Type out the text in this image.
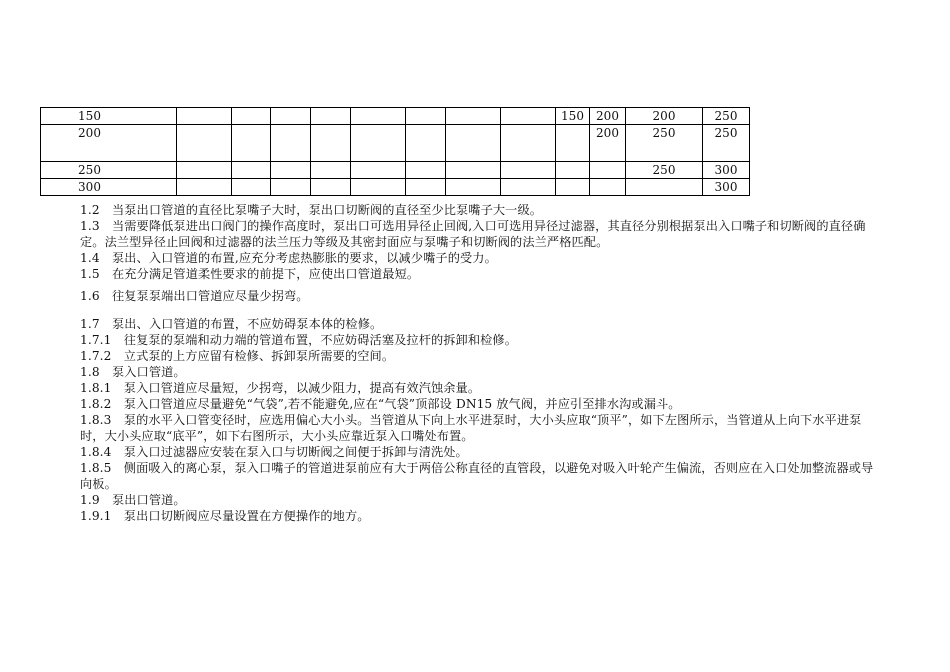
150									150	200	200	250
200										200	250	250
250											250	300
300												300

1.2　当泵出口管道的直径比泵嘴子大时，泵出口切断阀的直径至少比泵嘴子大一级。

1.3　当需要降低泵进出口阀门的操作高度时，泵出口可选用异径止回阀,入口可选用异径过滤器，其直径分别根据泵出入口嘴子和切断阀的直径确定。法兰型异径止回阀和过滤器的法兰压力等级及其密封面应与泵嘴子和切断阀的法兰严格匹配。

1.4　泵出、入口管道的布置,应充分考虑热膨胀的要求，以减少嘴子的受力。

1.5　在充分满足管道柔性要求的前提下，应使出口管道最短。

1.6　往复泵泵端出口管道应尽量少拐弯。

1.7　泵出、入口管道的布置，不应妨碍泵本体的检修。

1.7.1　往复泵的泵端和动力端的管道布置，不应妨碍活塞及拉杆的拆卸和检修。

1.7.2　立式泵的上方应留有检修、拆卸泵所需要的空间。

1.8　泵入口管道。

1.8.1　泵入口管道应尽量短，少拐弯，以减少阻力，提高有效汽蚀余量。

1.8.2　泵入口管道应尽量避免“气袋”,若不能避免,应在“气袋”顶部设 DN15 放气阀，并应引至排水沟或漏斗。

1.8.3　泵的水平入口管变径时，应选用偏心大小头。当管道从下向上水平进泵时，大小头应取“顶平”，如下左图所示，当管道从上向下水平进泵时，大小头应取“底平”，如下右图所示，大小头应靠近泵入口嘴处布置。

1.8.4　泵入口过滤器应安装在泵入口与切断阀之间便于拆卸与清洗处。

1.8.5　侧面吸入的离心泵，泵入口嘴子的管道进泵前应有大于两倍公称直径的直管段，以避免对吸入叶轮产生偏流，否则应在入口处加整流器或导向板。

1.9　泵出口管道。

1.9.1　泵出口切断阀应尽量设置在方便操作的地方。
